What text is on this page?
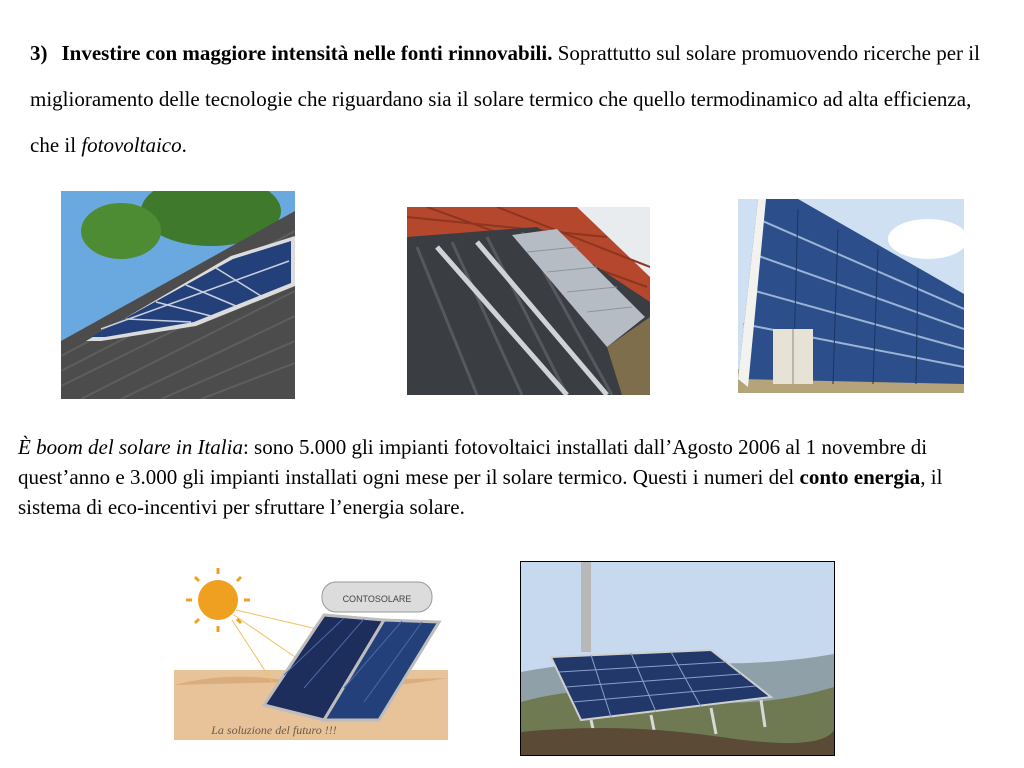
3) Investire con maggiore intensità nelle fonti rinnovabili. Soprattutto sul solare promuovendo ricerche per il miglioramento delle tecnologie che riguardano sia il solare termico che quello termodinamico ad alta efficienza, che il fotovoltaico.
È boom del solare in Italia: sono 5.000 gli impianti fotovoltaici installati dall’Agosto 2006 al 1 novembre di quest’anno e 3.000 gli impianti installati ogni mese per il solare termico. Questi i numeri del conto energia, il sistema di eco-incentivi per sfruttare l’energia solare.
CONTOSOLARE
La soluzione del futuro !!!
